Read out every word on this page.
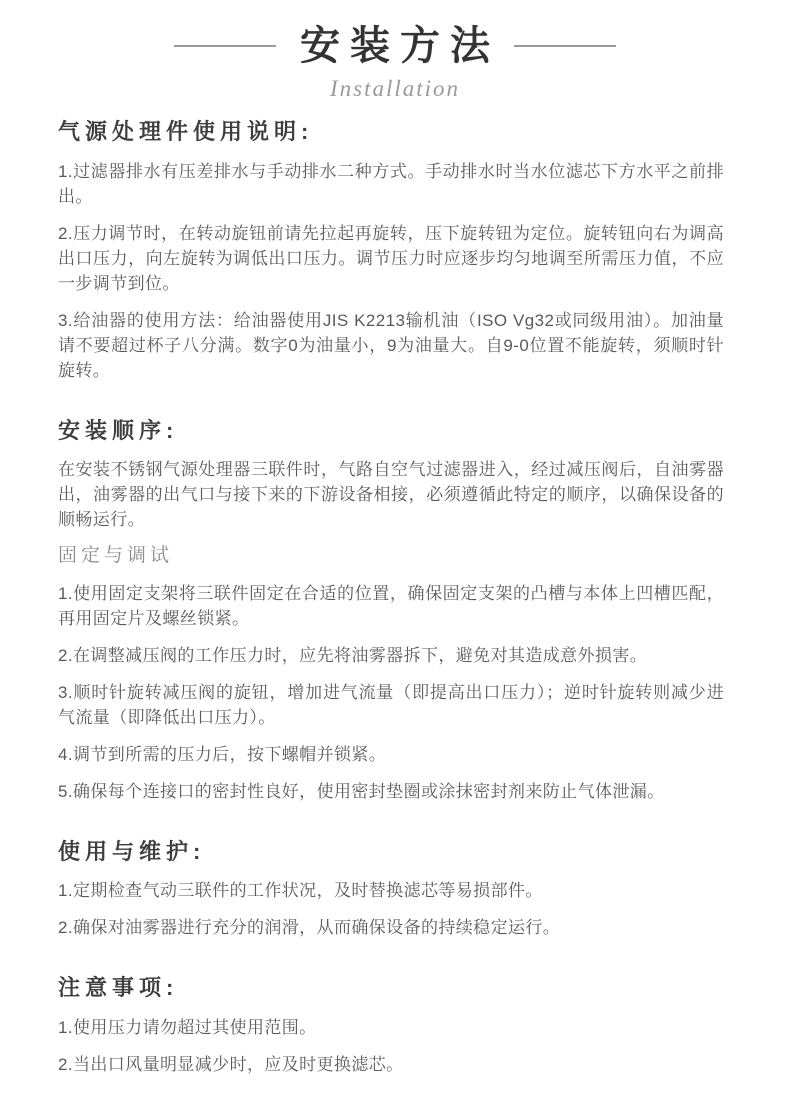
安装方法
Installation
气源处理件使用说明:

1.过滤器排水有压差排水与手动排水二种方式。手动排水时当水位滤芯下方水平之前排出。

2.压力调节时，在转动旋钮前请先拉起再旋转，压下旋转钮为定位。旋转钮向右为调高出口压力，向左旋转为调低出口压力。调节压力时应逐步均匀地调至所需压力值，不应一步调节到位。

3.给油器的使用方法：给油器使用JIS K2213输机油（ISO Vg32或同级用油）。加油量请不要超过杯子八分满。数字0为油量小，9为油量大。自9-0位置不能旋转，须顺时针旋转。

安装顺序:

在安装不锈钢气源处理器三联件时，气路自空气过滤器进入，经过减压阀后，自油雾器出，油雾器的出气口与接下来的下游设备相接，必须遵循此特定的顺序，以确保设备的顺畅运行。

固定与调试

1.使用固定支架将三联件固定在合适的位置，确保固定支架的凸槽与本体上凹槽匹配，再用固定片及螺丝锁紧。

2.在调整减压阀的工作压力时，应先将油雾器拆下，避免对其造成意外损害。

3.顺时针旋转减压阀的旋钮，增加进气流量（即提高出口压力）；逆时针旋转则减少进气流量（即降低出口压力）。

4.调节到所需的压力后，按下螺帽并锁紧。

5.确保每个连接口的密封性良好，使用密封垫圈或涂抹密封剂来防止气体泄漏。

使用与维护:

1.定期检查气动三联件的工作状况，及时替换滤芯等易损部件。

2.确保对油雾器进行充分的润滑，从而确保设备的持续稳定运行。

注意事项:

1.使用压力请勿超过其使用范围。

2.当出口风量明显减少时，应及时更换滤芯。
